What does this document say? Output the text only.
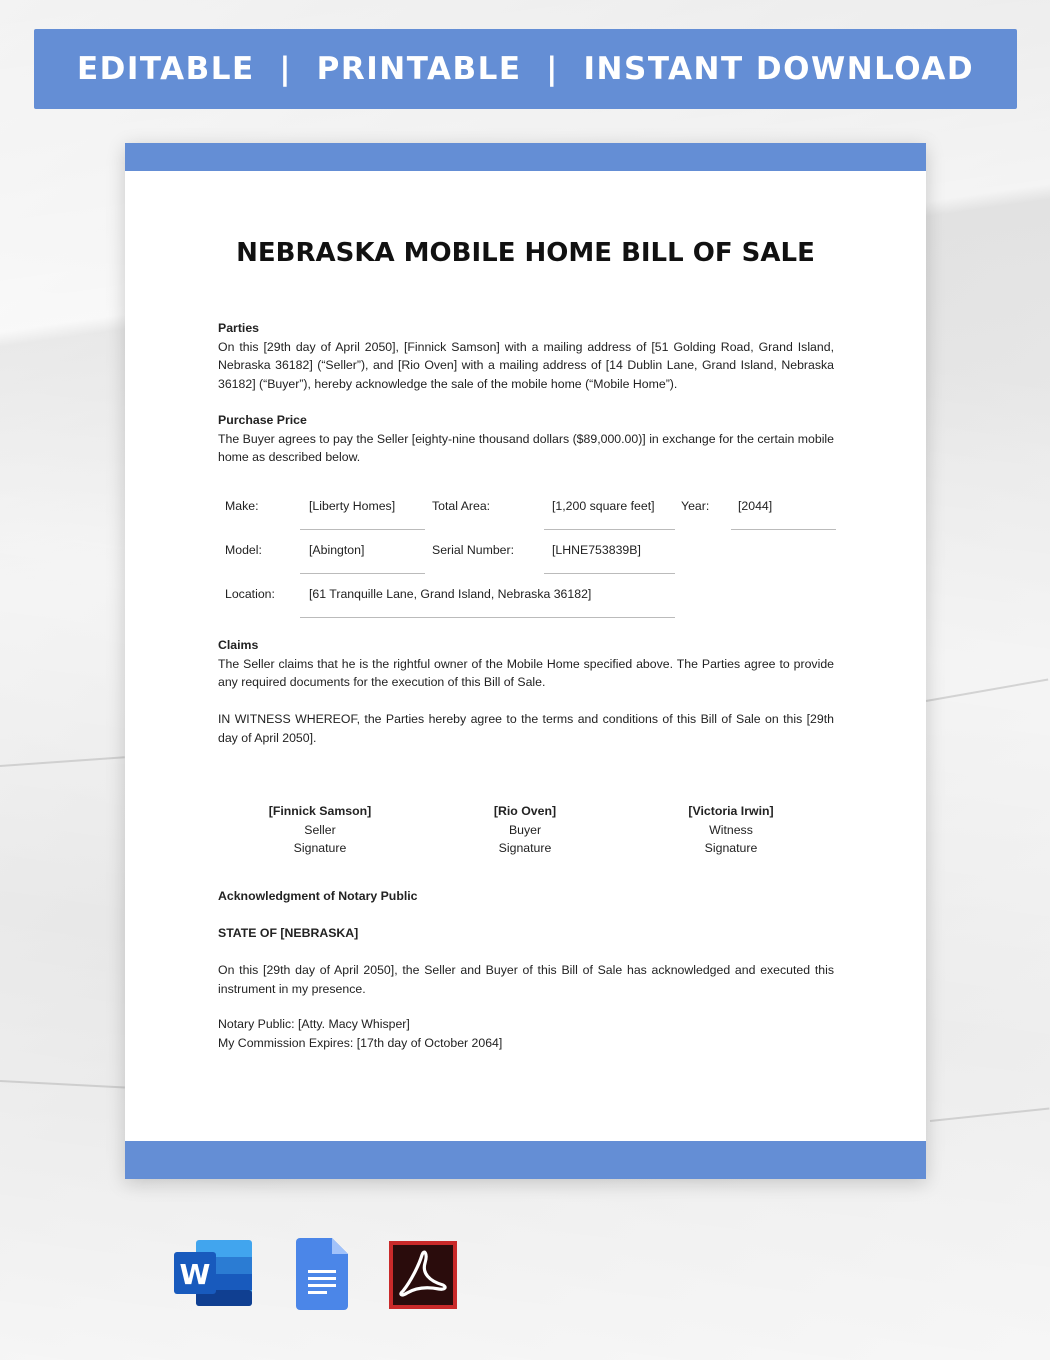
EDITABLE  |  PRINTABLE  |  INSTANT DOWNLOAD
NEBRASKA MOBILE HOME BILL OF SALE
Parties
On this [29th day of April 2050], [Finnick Samson] with a mailing address of [51 Golding Road, Grand Island, Nebraska 36182] (“Seller”), and [Rio Oven] with a mailing address of [14 Dublin Lane, Grand Island, Nebraska 36182] (“Buyer”), hereby acknowledge the sale of the mobile home (“Mobile Home”).
Purchase Price
The Buyer agrees to pay the Seller [eighty-nine thousand dollars ($89,000.00)] in exchange for the certain mobile home as described below.
Make:	[Liberty Homes]	Total Area:	[1,200 square feet] Year: [2044]
Model:	[Abington]	Serial Number:	[LHNE753839B]
Location:	[61 Tranquille Lane, Grand Island, Nebraska 36182]
Claims
The Seller claims that he is the rightful owner of the Mobile Home specified above. The Parties agree to provide any required documents for the execution of this Bill of Sale.
IN WITNESS WHEREOF, the Parties hereby agree to the terms and conditions of this Bill of Sale on this [29th day of April 2050].
[Finnick Samson]
Seller
Signature
[Rio Oven]
Buyer
Signature
[Victoria Irwin]
Witness
Signature
Acknowledgment of Notary Public
STATE OF [NEBRASKA]
On this [29th day of April 2050], the Seller and Buyer of this Bill of Sale has acknowledged and executed this instrument in my presence.
Notary Public: [Atty. Macy Whisper]
My Commission Expires: [17th day of October 2064]
W
